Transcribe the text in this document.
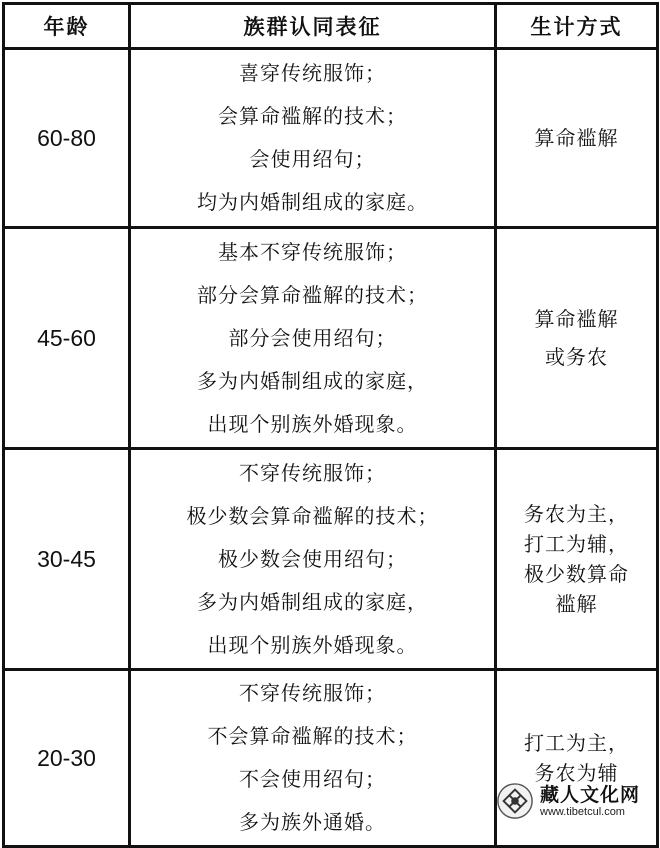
年龄	族群认同表征	生计方式
60-80	喜穿传统服饰；
会算命褴解的技术；
会使用绍句；
均为内婚制组成的家庭。	算命褴解

45-60	基本不穿传统服饰；
部分会算命褴解的技术；
部分会使用绍句；
多为内婚制组成的家庭，
出现个别族外婚现象。	算命褴解
或务农

30-45	不穿传统服饰；
极少数会算命褴解的技术；
极少数会使用绍句；
多为内婚制组成的家庭，
出现个别族外婚现象。	务农为主，
打工为辅，
极少数算命
褴解

20-30	不穿传统服饰；
不会算命褴解的技术；
不会使用绍句；
多为族外通婚。	打工为主，
务农为辅
藏人文化网
www.tibetcul.com
